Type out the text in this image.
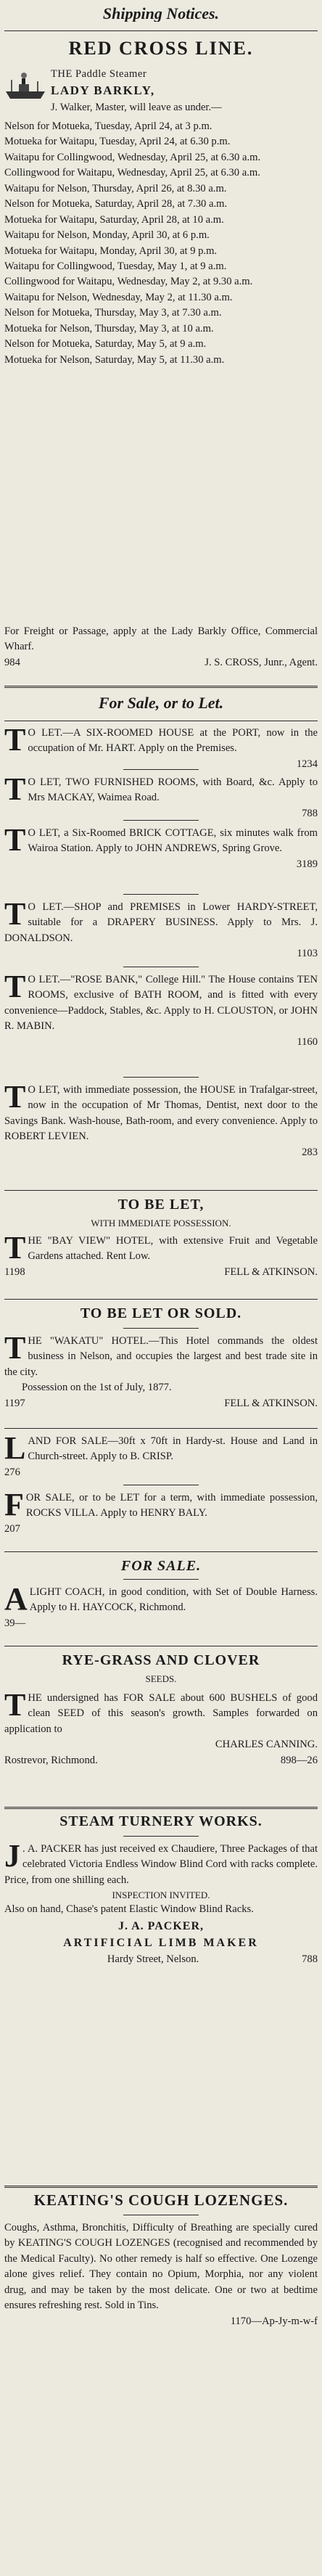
Shipping Notices.
RED CROSS LINE.
THE Paddle Steamer
LADY BARKLY,
J. Walker, Master, will leave as under.—
Nelson for Motueka, Tuesday, April 24, at 3 p.m.
Motueka for Waitapu, Tuesday, April 24, at 6.30 p.m.
Waitapu for Collingwood, Wednesday, April 25, at 6.30 a.m.
Collingwood for Waitapu, Wednesday, April 25, at 6.30 a.m.
Waitapu for Nelson, Thursday, April 26, at 8.30 a.m.
Nelson for Motueka, Saturday, April 28, at 7.30 a.m.
Motueka for Waitapu, Saturday, April 28, at 10 a.m.
Waitapu for Nelson, Monday, April 30, at 6 p.m.
Motueka for Waitapu, Monday, April 30, at 9 p.m.
Waitapu for Collingwood, Tuesday, May 1, at 9 a.m.
Collingwood for Waitapu, Wednesday, May 2, at 9.30 a.m.
Waitapu for Nelson, Wednesday, May 2, at 11.30 a.m.
Nelson for Motueka, Thursday, May 3, at 7.30 a.m.
Motueka for Nelson, Thursday, May 3, at 10 a.m.
Nelson for Motueka, Saturday, May 5, at 9 a.m.
Motueka for Nelson, Saturday, May 5, at 11.30 a.m.
For Freight or Passage, apply at the Lady Barkly Office, Commercial Wharf.
984	J. S. CROSS, Junr., Agent.
For Sale, or to Let.
T O LET.—A SIX-ROOMED HOUSE at the PORT, now in the occupation of Mr. HART. Apply on the Premises.
1234
T O LET, TWO FURNISHED ROOMS, with Board, &c. Apply to Mrs MACKAY, Waimea Road.
788
T O LET, a Six-Roomed BRICK COTTAGE, six minutes walk from Wairoa Station. Apply to JOHN ANDREWS, Spring Grove.
3189
T O LET.—SHOP and PREMISES in Lower HARDY-STREET, suitable for a DRAPERY BUSINESS. Apply to Mrs. J. DONALDSON.
1103
T O LET.—"ROSE BANK," College Hill." The House contains TEN ROOMS, exclusive of BATH ROOM, and is fitted with every convenience—Paddock, Stables, &c. Apply to H. CLOUSTON, or JOHN R. MABIN.
1160
T O LET, with immediate possession, the HOUSE in Trafalgar-street, now in the occupation of Mr Thomas, Dentist, next door to the Savings Bank. Wash-house, Bath-room, and every convenience. Apply to ROBERT LEVIEN.
283
TO BE LET,
WITH IMMEDIATE POSSESSION.
THE "BAY VIEW" HOTEL, with extensive Fruit and Vegetable Gardens attached. Rent Low.
1198	FELL & ATKINSON.
TO BE LET OR SOLD.
THE "WAKATU" HOTEL.—This Hotel commands the oldest business in Nelson, and occupies the largest and best trade site in the city.
Possession on the 1st of July, 1877.
1197	FELL & ATKINSON.
LAND FOR SALE—30ft x 70ft in Hardy-st. House and Land in Church-street. Apply to B. CRISP.
276
FOR SALE, or to be LET for a term, with immediate possession, ROCKS VILLA. Apply to HENRY BALY.
207
FOR SALE.
ALIGHT COACH, in good condition, with Set of Double Harness. Apply to H. HAYCOCK, Richmond.
39—
RYE-GRASS AND CLOVER
SEEDS.
THE undersigned has FOR SALE about 600 BUSHELS of good clean SEED of this season's growth. Samples forwarded on application to
CHARLES CANNING.
Rostrevor, Richmond.	898—26
STEAM TURNERY WORKS.
J . A. PACKER has just received ex Chaudiere, Three Packages of that celebrated Victoria Endless Window Blind Cord with racks complete. Price, from one shilling each.
INSPECTION INVITED.
Also on hand, Chase's patent Elastic Window Blind Racks.
J. A. PACKER,
ARTIFICIAL LIMB MAKER
Hardy Street, Nelson.	788
KEATING'S COUGH LOZENGES.
Coughs, Asthma, Bronchitis, Difficulty of Breathing are specially cured by KEATING'S COUGH LOZENGES (recognised and recommended by the Medical Faculty). No other remedy is half so effective. One Lozenge alone gives relief. They contain no Opium, Morphia, nor any violent drug, and may be taken by the most delicate. One or two at bedtime ensures refreshing rest. Sold in Tins.
1170—Ap-Jy-m-w-f
